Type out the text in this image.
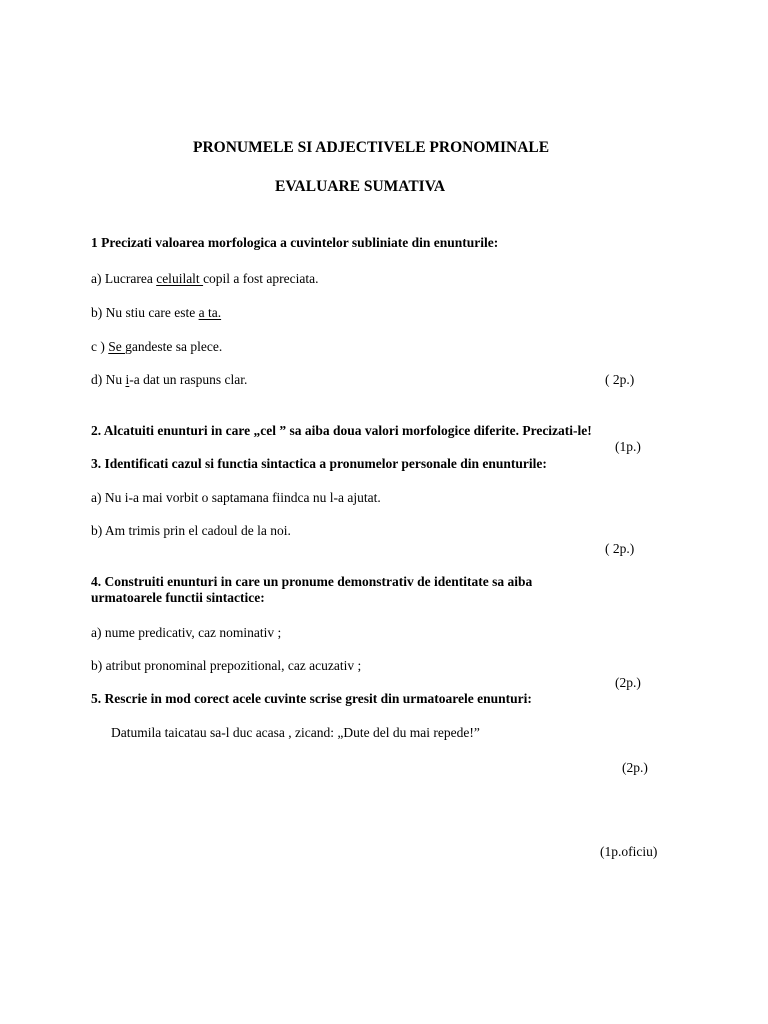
PRONUMELE SI ADJECTIVELE PRONOMINALE
EVALUARE SUMATIVA
1 Precizati valoarea morfologica a cuvintelor subliniate din enunturile:
a) Lucrarea celuilalt copil a fost apreciata.
b) Nu stiu care este a ta.
c ) Se gandeste sa plece.
d) Nu i-a dat un raspuns clar.	( 2p.)
2. Alcatuiti enunturi in care „cel ” sa aiba doua valori morfologice diferite. Precizati-le!
(1p.)
3. Identificati cazul si functia sintactica a pronumelor personale din enunturile:
a) Nu i-a mai vorbit o saptamana fiindca nu l-a ajutat.
b) Am trimis prin el cadoul de la noi.
( 2p.)
4. Construiti enunturi in care un pronume demonstrativ de identitate sa aiba
urmatoarele functii sintactice:
a) nume predicativ, caz nominativ ;
b) atribut pronominal prepozitional, caz acuzativ ;
(2p.)
5. Rescrie in mod corect acele cuvinte scrise gresit din urmatoarele enunturi:
Datumila taicatau sa-l duc acasa , zicand: „Dute del du mai repede!”
(2p.)
(1p.oficiu)
